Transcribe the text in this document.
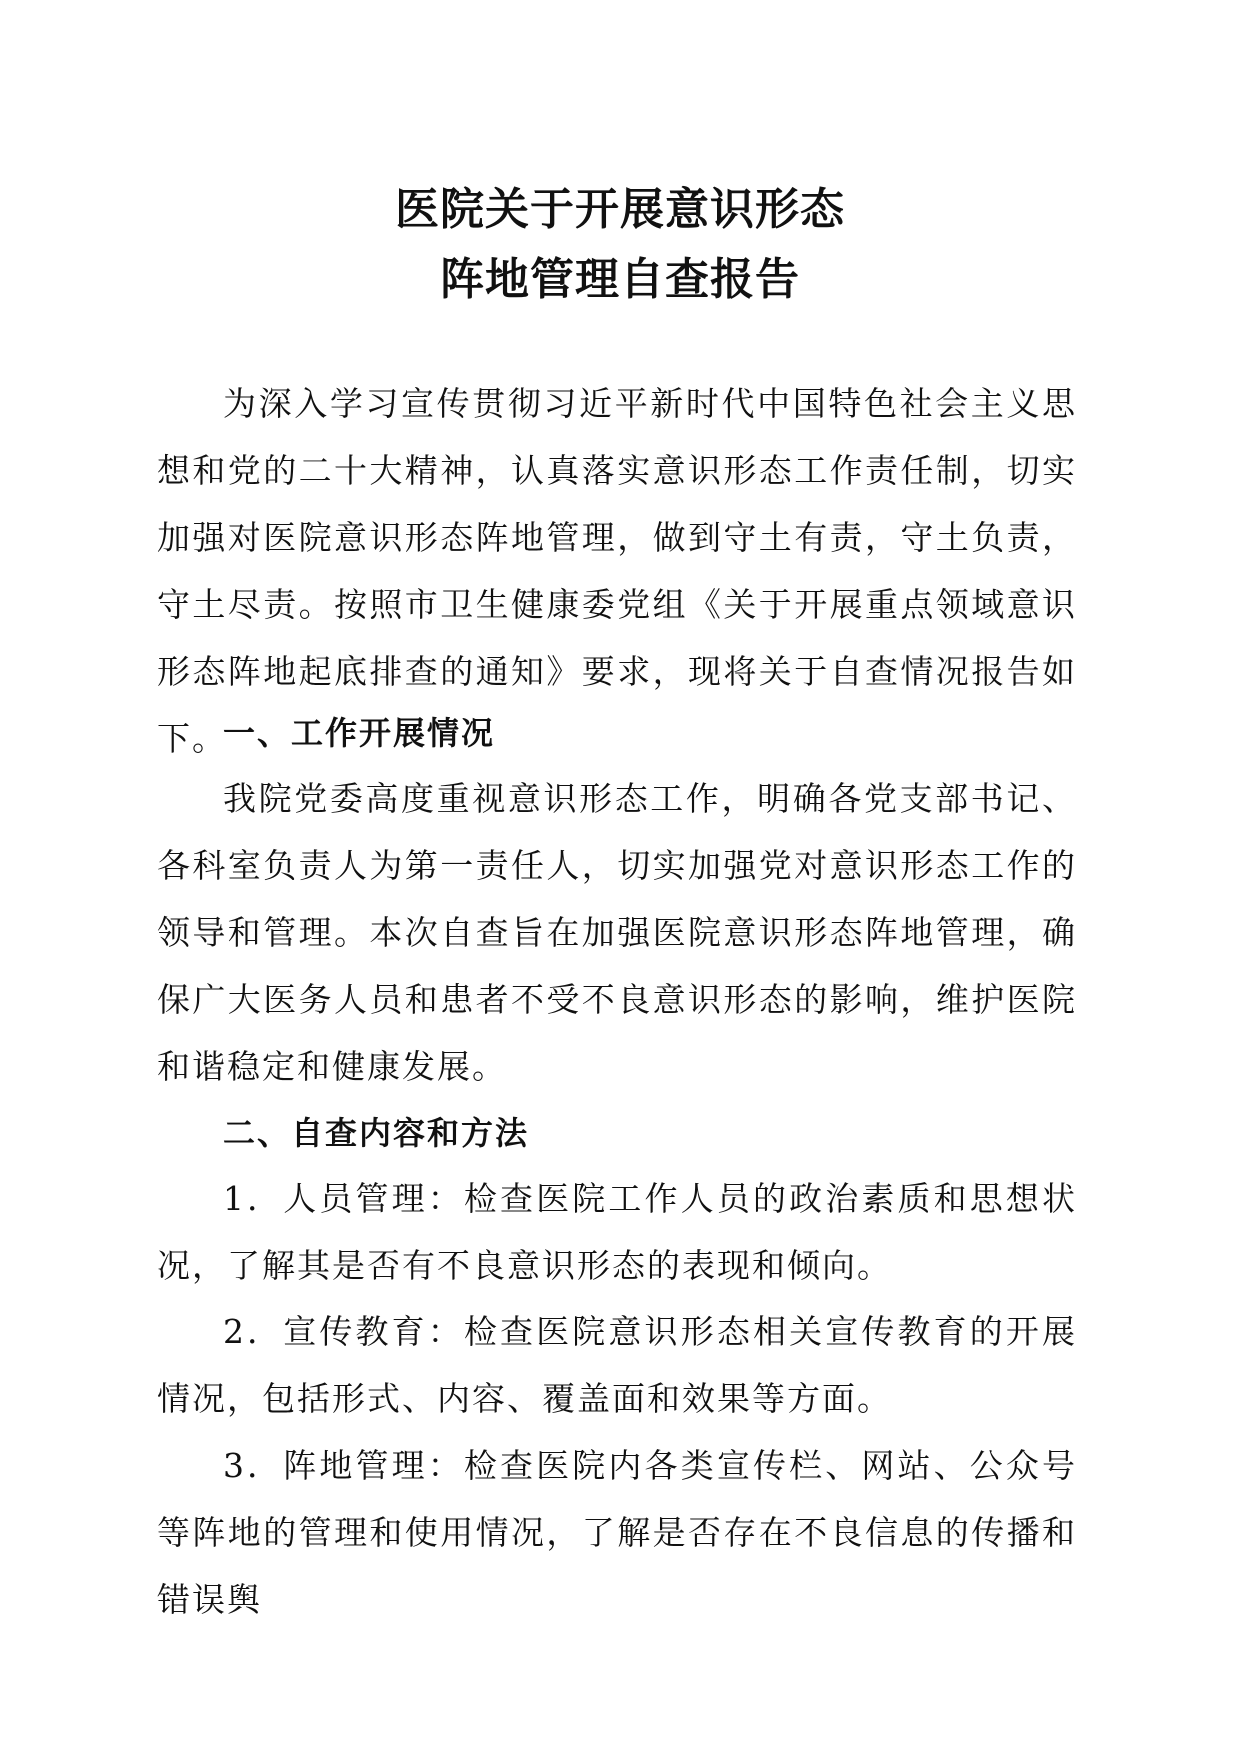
医院关于开展意识形态
阵地管理自查报告

为深入学习宣传贯彻习近平新时代中国特色社会主义思想和党的二十大精神，认真落实意识形态工作责任制，切实加强对医院意识形态阵地管理，做到守土有责，守土负责，守土尽责。按照市卫生健康委党组《关于开展重点领域意识形态阵地起底排查的通知》要求，现将关于自查情况报告如下。

一、工作开展情况

我院党委高度重视意识形态工作，明确各党支部书记、各科室负责人为第一责任人，切实加强党对意识形态工作的领导和管理。本次自查旨在加强医院意识形态阵地管理，确保广大医务人员和患者不受不良意识形态的影响，维护医院和谐稳定和健康发展。

二、自查内容和方法

1．人员管理：检查医院工作人员的政治素质和思想状况，了解其是否有不良意识形态的表现和倾向。

2．宣传教育：检查医院意识形态相关宣传教育的开展情况，包括形式、内容、覆盖面和效果等方面。

3．阵地管理：检查医院内各类宣传栏、网站、公众号等阵地的管理和使用情况，了解是否存在不良信息的传播和错误舆
